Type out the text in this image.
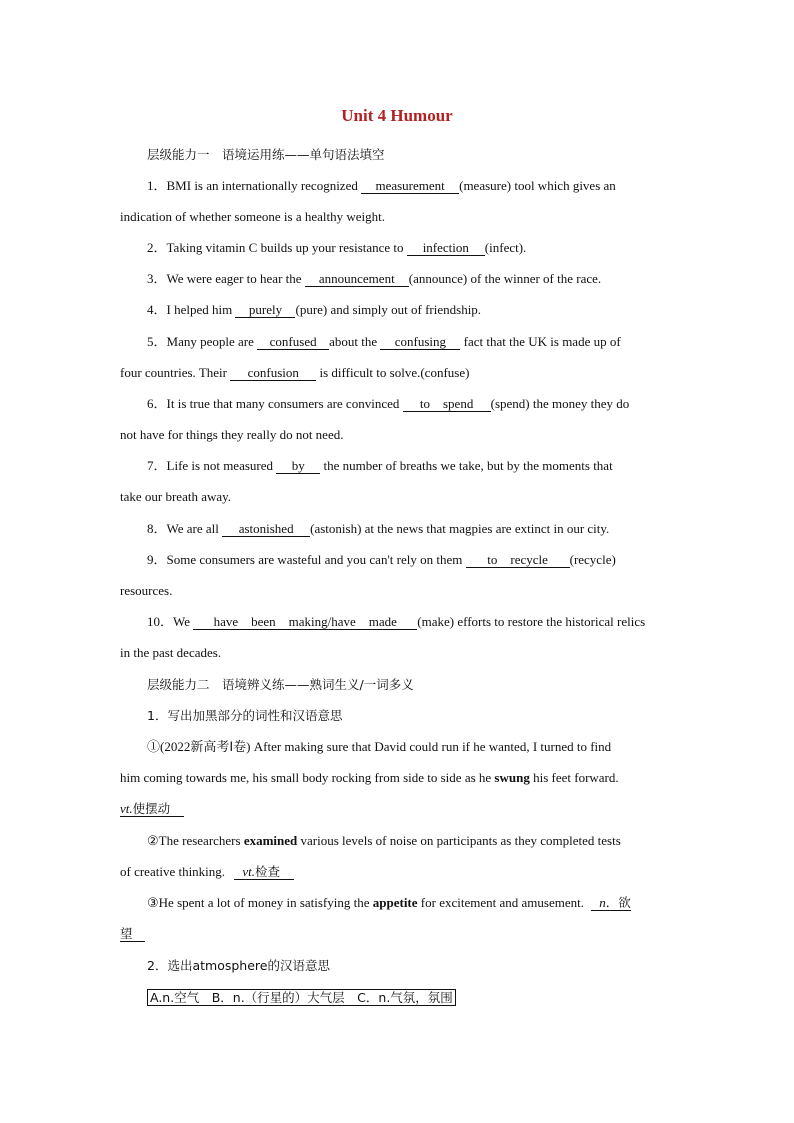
Unit 4 Humour
层级能力一　语境运用练——单句语法填空
1．BMI is an internationally recognized measurement (measure) tool which gives an
indication of whether someone is a healthy weight.
2．Taking vitamin C builds up your resistance to infection (infect).
3．We were eager to hear the announcement (announce) of the winner of the race.
4．I helped him purely (pure) and simply out of friendship.
5．Many people are confused about the confusing fact that the UK is made up of
four countries. Their confusion is difficult to solve.(confuse)
6．It is true that many consumers are convinced to　spend (spend) the money they do
not have for things they really do not need.
7．Life is not measured by the number of breaths we take, but by the moments that
take our breath away.
8．We are all astonished (astonish) at the news that magpies are extinct in our city.
9．Some consumers are wasteful and you can't rely on them to　recycle (recycle)
resources.
10．We have　been　making/have　made (make) efforts to restore the historical relics
in the past decades.
层级能力二　语境辨义练——熟词生义/一词多义
1．写出加黑部分的词性和汉语意思
①(2022新高考Ⅰ卷) After making sure that David could run if he wanted, I turned to find
him coming towards me, his small body rocking from side to side as he swung his feet forward.
vt.使摆动
②The researchers examined various levels of noise on participants as they completed tests
of creative thinking. vt.检查
③He spent a lot of money in satisfying the appetite for excitement and amusement. n．欲
望
2．选出atmosphere的汉语意思
A.n.空气　B．n.（行星的）大气层　C．n.气氛，氛围
